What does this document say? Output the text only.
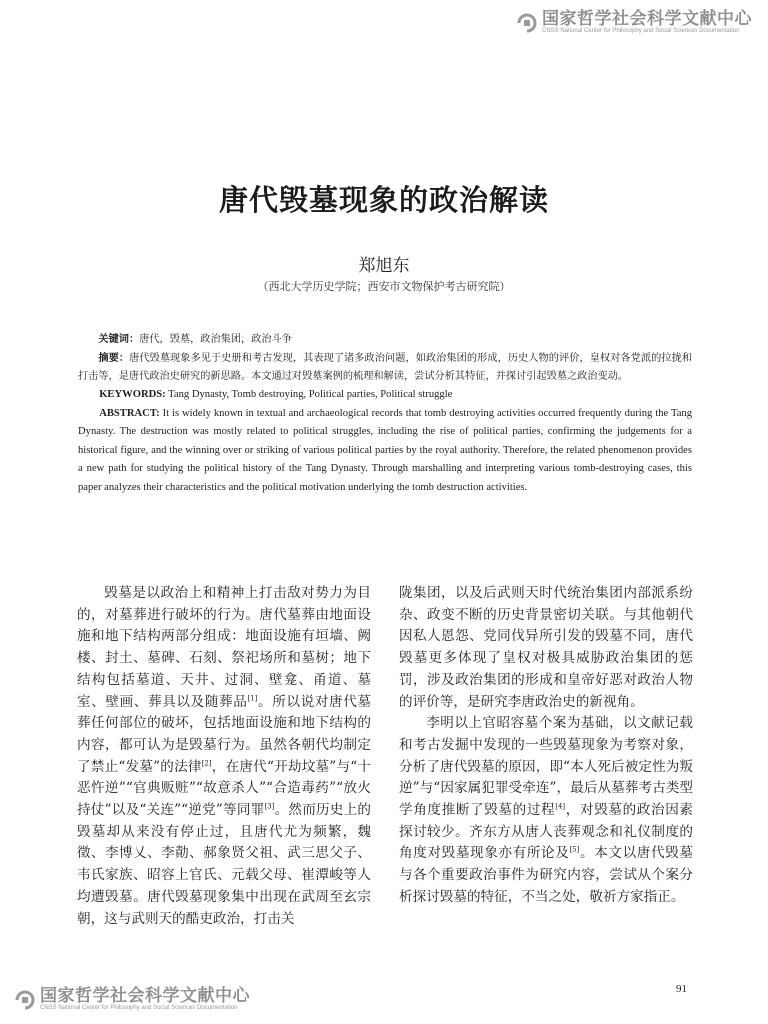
国家哲学社会科学文献中心
CNSS National Center for Philosophy and Social Sciences Documentation
唐代毁墓现象的政治解读
郑旭东
（西北大学历史学院；西安市文物保护考古研究院）

关键词：唐代，毁墓，政治集团，政治斗争

摘要：唐代毁墓现象多见于史册和考古发现，其表现了诸多政治问题，如政治集团的形成，历史人物的评价，皇权对各党派的拉拢和打击等，是唐代政治史研究的新思路。本文通过对毁墓案例的梳理和解读，尝试分析其特征，并探讨引起毁墓之政治变动。

KEYWORDS: Tang Dynasty, Tomb destroying, Political parties, Political struggle

ABSTRACT: It is widely known in textual and archaeological records that tomb destroying activities occurred frequently during the Tang Dynasty. The destruction was mostly related to political struggles, including the rise of political parties, confirming the judgements for a historical figure, and the winning over or striking of various political parties by the royal authority. Therefore, the related phenomenon provides a new path for studying the political history of the Tang Dynasty. Through marshalling and interpreting various tomb-destroying cases, this paper analyzes their characteristics and the political motivation underlying the tomb destruction activities.

毁墓是以政治上和精神上打击敌对势力为目的，对墓葬进行破坏的行为。唐代墓葬由地面设施和地下结构两部分组成：地面设施有垣墙、阙楼、封土、墓碑、石刻、祭祀场所和墓树；地下结构包括墓道、天井、过洞、壁龛、甬道、墓室、壁画、葬具以及随葬品[1]。所以说对唐代墓葬任何部位的破坏，包括地面设施和地下结构的内容，都可认为是毁墓行为。虽然各朝代均制定了禁止“发墓”的法律[2]，在唐代“开劫坟墓”与“十恶忤逆”“官典贩赃”“故意杀人”“合造毒药”“放火持仗”以及“关连”“逆党”等同罪[3]。然而历史上的毁墓却从来没有停止过，且唐代尤为频繁，魏徵、李博乂、李勣、郝象贤父祖、武三思父子、韦氏家族、昭容上官氏、元载父母、崔潭峻等人均遭毁墓。唐代毁墓现象集中出现在武周至玄宗朝，这与武则天的酷吏政治，打击关

陇集团，以及后武则天时代统治集团内部派系纷杂、政变不断的历史背景密切关联。与其他朝代因私人恩怨、党同伐异所引发的毁墓不同，唐代毁墓更多体现了皇权对极具威胁政治集团的惩罚，涉及政治集团的形成和皇帝好恶对政治人物的评价等，是研究李唐政治史的新视角。

李明以上官昭容墓个案为基础，以文献记载和考古发掘中发现的一些毁墓现象为考察对象，分析了唐代毁墓的原因，即“本人死后被定性为叛逆”与“因家属犯罪受牵连”，最后从墓葬考古类型学角度推断了毁墓的过程[4]，对毁墓的政治因素探讨较少。齐东方从唐人丧葬观念和礼仪制度的角度对毁墓现象亦有所论及[5]。本文以唐代毁墓与各个重要政治事件为研究内容，尝试从个案分析探讨毁墓的特征，不当之处，敬祈方家指正。

91
国家哲学社会科学文献中心
CNSS National Center for Philosophy and Social Sciences Documentation
